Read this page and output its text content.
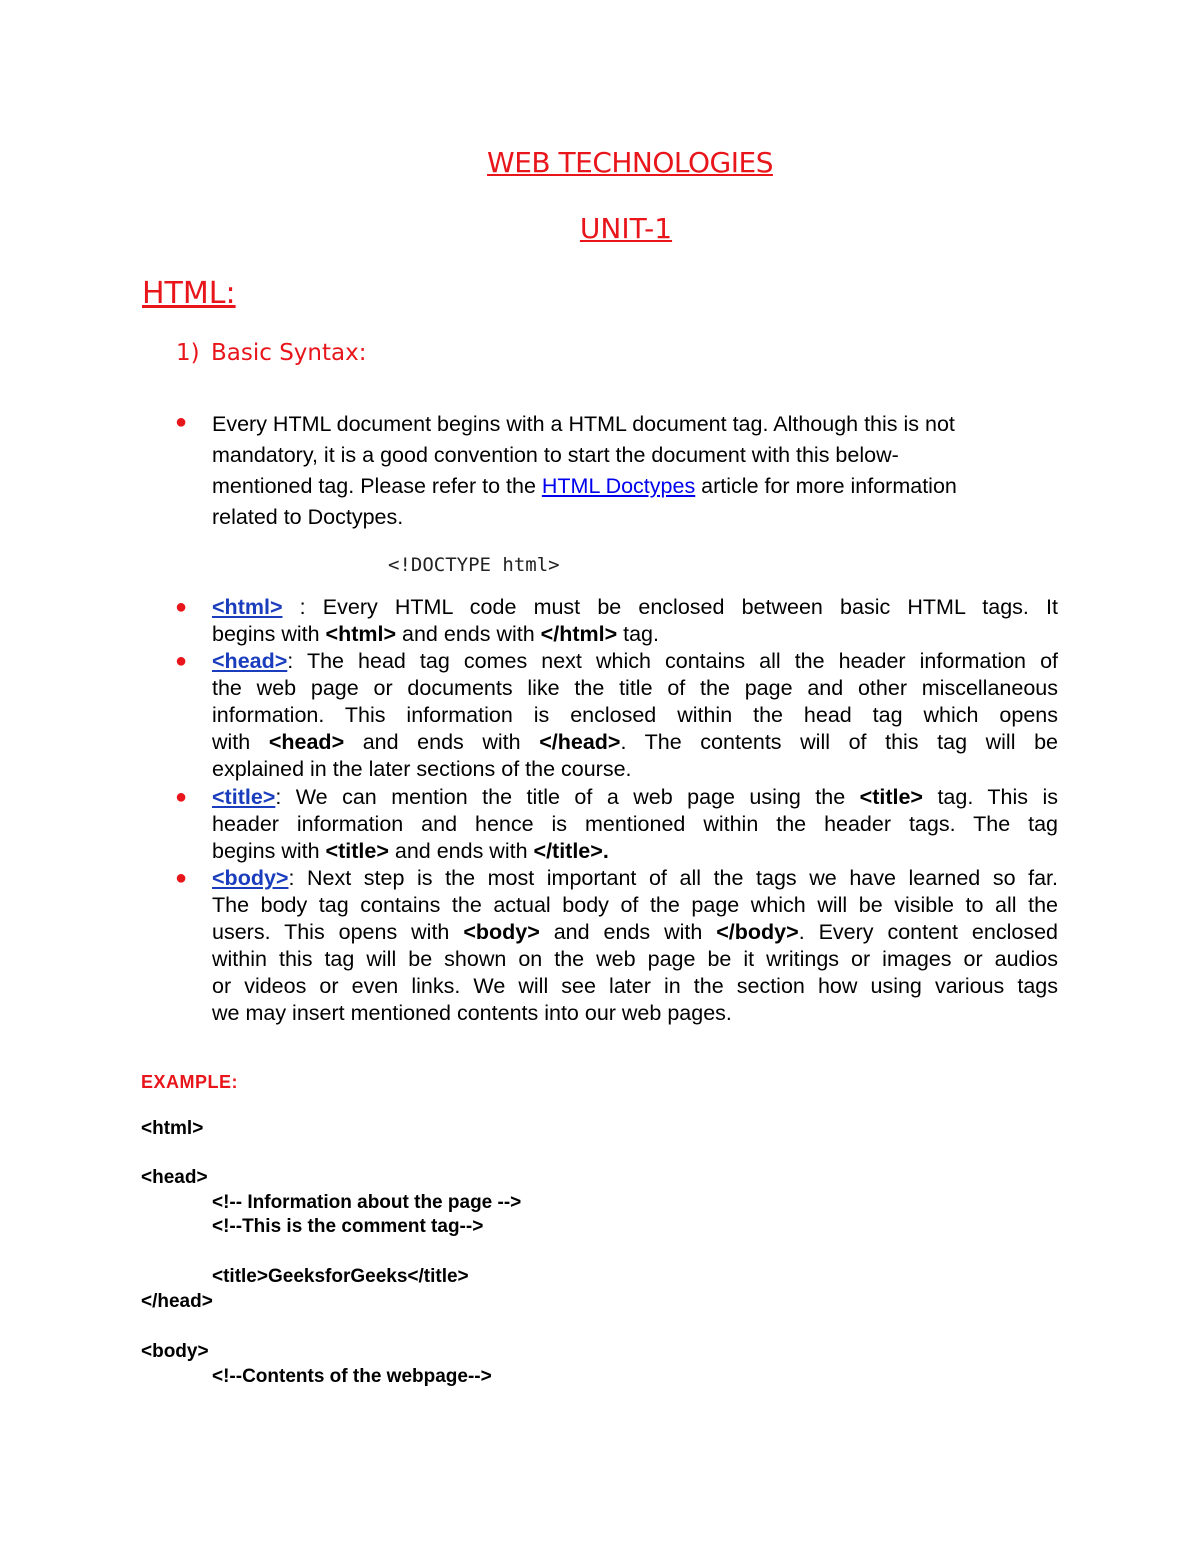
WEB TECHNOLOGIES
UNIT-1
HTML:
1) Basic Syntax:
● Every HTML document begins with a HTML document tag. Although this is not
mandatory, it is a good convention to start the document with this below-
mentioned tag. Please refer to the HTML Doctypes article for more information
related to Doctypes.
<!DOCTYPE html>
● <html> : Every HTML code must be enclosed between basic HTML tags. It
begins with <html> and ends with </html> tag.
● <head>: The head tag comes next which contains all the header information of
the web page or documents like the title of the page and other miscellaneous
information. This information is enclosed within the head tag which opens
with <head> and ends with </head>. The contents will of this tag will be
explained in the later sections of the course.
● <title>: We can mention the title of a web page using the <title> tag. This is
header information and hence is mentioned within the header tags. The tag
begins with <title> and ends with </title>.
● <body>: Next step is the most important of all the tags we have learned so far.
The body tag contains the actual body of the page which will be visible to all the
users. This opens with <body> and ends with </body>. Every content enclosed
within this tag will be shown on the web page be it writings or images or audios
or videos or even links. We will see later in the section how using various tags
we may insert mentioned contents into our web pages.
EXAMPLE:
<html>
<head>
<!-- Information about the page -->
<!--This is the comment tag-->
<title>GeeksforGeeks</title>
</head>
<body>
<!--Contents of the webpage-->
